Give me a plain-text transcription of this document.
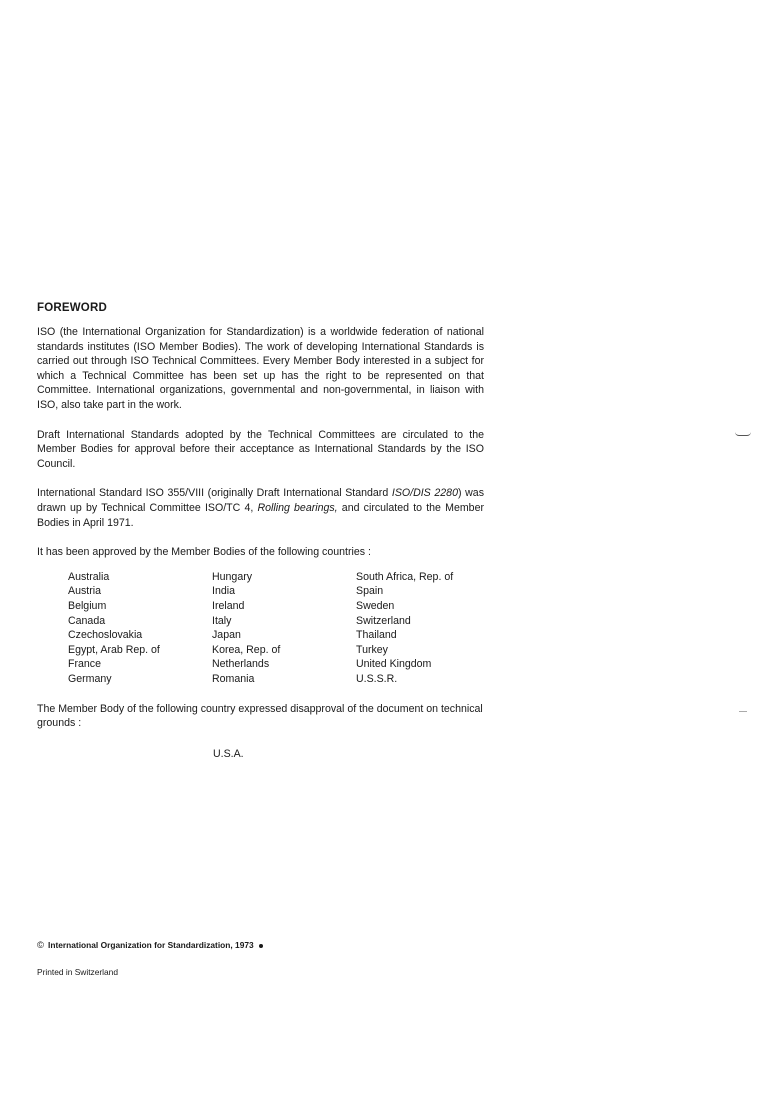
FOREWORD

ISO (the International Organization for Standardization) is a worldwide federation of national standards institutes (ISO Member Bodies). The work of developing International Standards is carried out through ISO Technical Committees. Every Member Body interested in a subject for which a Technical Committee has been set up has the right to be represented on that Committee. International organizations, governmental and non-governmental, in liaison with ISO, also take part in the work.

Draft International Standards adopted by the Technical Committees are circulated to the Member Bodies for approval before their acceptance as International Standards by the ISO Council.

International Standard ISO 355/VIII (originally Draft International Standard ISO/DIS 2280) was drawn up by Technical Committee ISO/TC 4, Rolling bearings, and circulated to the Member Bodies in April 1971.

It has been approved by the Member Bodies of the following countries :

Australia
Austria
Belgium
Canada
Czechoslovakia
Egypt, Arab Rep. of
France
Germany
Hungary
India
Ireland
Italy
Japan
Korea, Rep. of
Netherlands
Romania
South Africa, Rep. of
Spain
Sweden
Switzerland
Thailand
Turkey
United Kingdom
U.S.S.R.

The Member Body of the following country expressed disapproval of the document on technical grounds :

U.S.A.
© International Organization for Standardization, 1973
Printed in Switzerland
